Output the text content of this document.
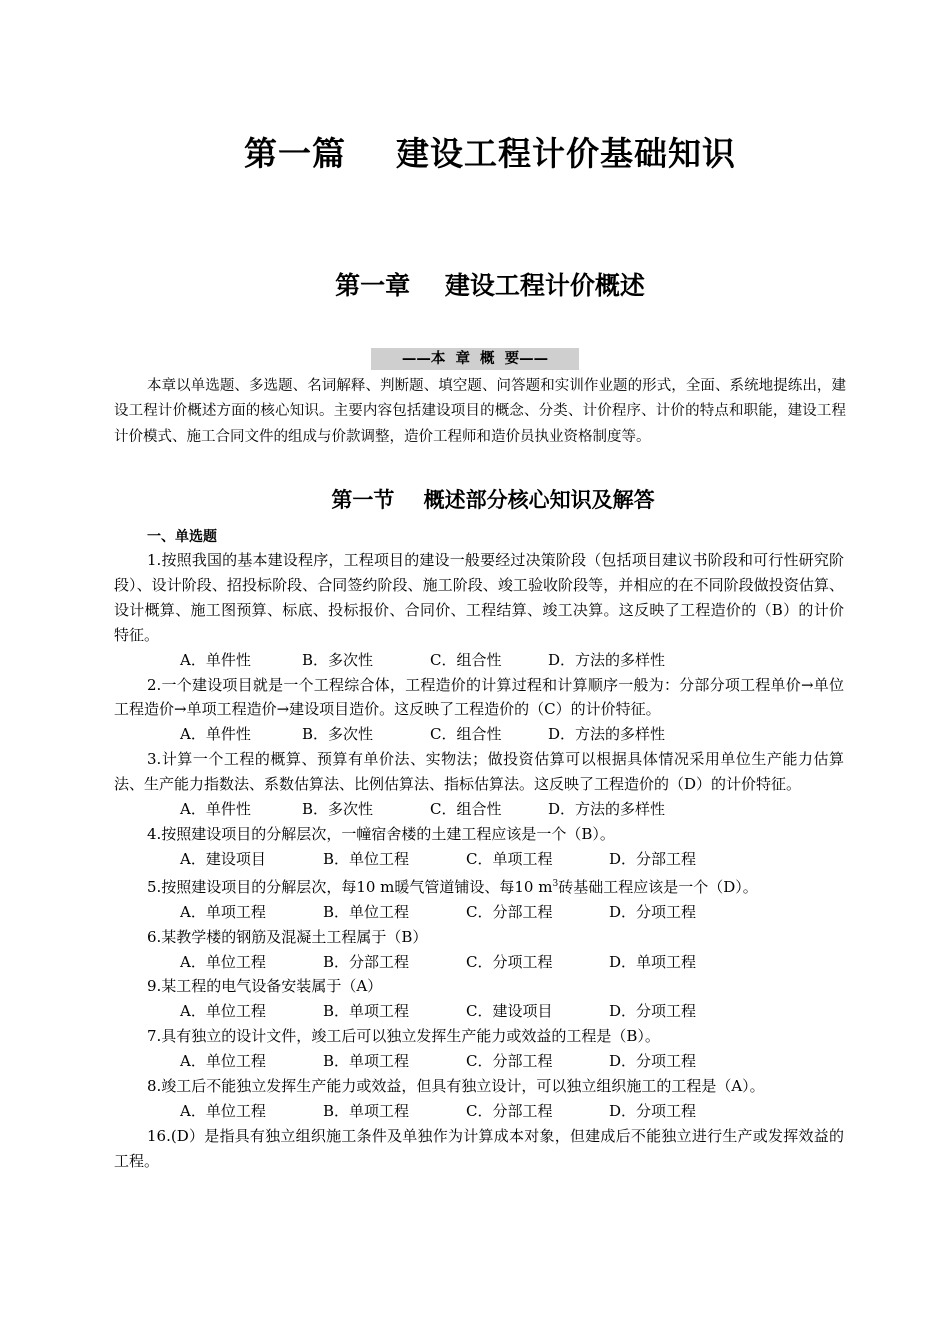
第一篇    建设工程计价基础知识
第一章    建设工程计价概述
——本  章  概  要——

本章以单选题、多选题、名词解释、判断题、填空题、问答题和实训作业题的形式，全面、系统地提练出，建设工程计价概述方面的核心知识。主要内容包括建设项目的概念、分类、计价程序、计价的特点和职能，建设工程计价模式、施工合同文件的组成与价款调整，造价工程师和造价员执业资格制度等。

第一节    概述部分核心知识及解答
一、单选题

1.按照我国的基本建设程序，工程项目的建设一般要经过决策阶段（包括项目建议书阶段和可行性研究阶段）、设计阶段、招投标阶段、合同签约阶段、施工阶段、竣工验收阶段等，并相应的在不同阶段做投资估算、设计概算、施工图预算、标底、投标报价、合同价、工程结算、竣工决算。这反映了工程造价的（B）的计价特征。

A．单件性	B．多次性	C．组合性	D．方法的多样性

2.一个建设项目就是一个工程综合体，工程造价的计算过程和计算顺序一般为：分部分项工程单价→单位工程造价→单项工程造价→建设项目造价。这反映了工程造价的（C）的计价特征。

A．单件性	B．多次性	C．组合性	D．方法的多样性

3.计算一个工程的概算、预算有单价法、实物法；做投资估算可以根据具体情况采用单位生产能力估算法、生产能力指数法、系数估算法、比例估算法、指标估算法。这反映了工程造价的（D）的计价特征。

A．单件性	B．多次性	C．组合性	D．方法的多样性

4.按照建设项目的分解层次，一幢宿舍楼的土建工程应该是一个（B）。

A．建设项目	B．单位工程	C．单项工程	D．分部工程

5.按照建设项目的分解层次，每10 m暖气管道铺设、每10 $m^3$砖基础工程应该是一个（D）。

A．单项工程	B．单位工程	C．分部工程	D．分项工程

6.某教学楼的钢筋及混凝土工程属于（B）

A．单位工程	B．分部工程	C．分项工程	D．单项工程

9.某工程的电气设备安装属于（A）

A．单位工程	B．单项工程	C．建设项目	D．分项工程

7.具有独立的设计文件，竣工后可以独立发挥生产能力或效益的工程是（B）。

A．单位工程	B．单项工程	C．分部工程	D．分项工程

8.竣工后不能独立发挥生产能力或效益，但具有独立设计，可以独立组织施工的工程是（A）。

A．单位工程	B．单项工程	C．分部工程	D．分项工程

16.(D）是指具有独立组织施工条件及单独作为计算成本对象，但建成后不能独立进行生产或发挥效益的工程。
